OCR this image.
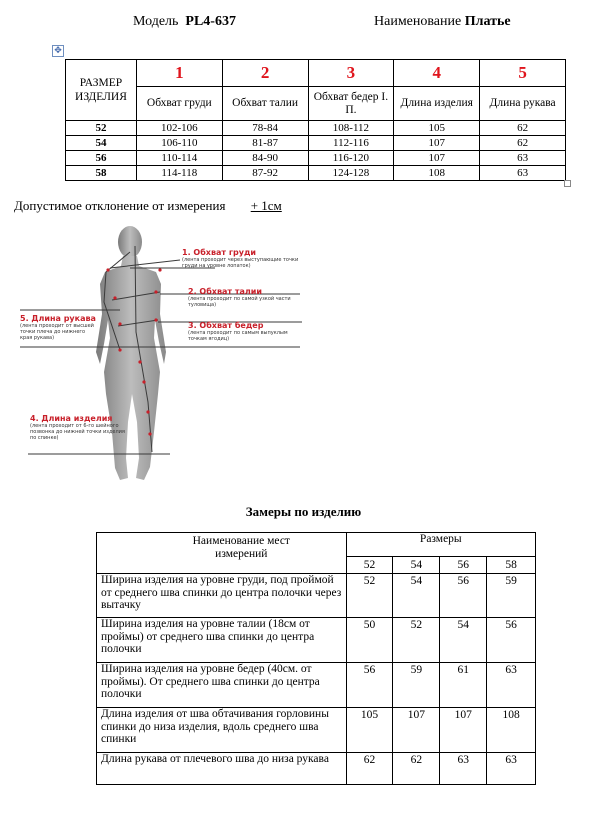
Модель PL4-637	Наименование Платье
✥
РАЗМЕР ИЗДЕЛИЯ	1	2	3	4	5
	Обхват груди	Обхват талии	Обхват бедер I. П.	Длина изделия	Длина рукава
52	102-106	78-84	108-112	105	62
54	106-110	81-87	112-116	107	62
56	110-114	84-90	116-120	107	63
58	114-118	87-92	124-128	108	63
Допустимое отклонение от измерения + 1см
1. Обхват груди
(лента проходит через выступающие точки груди на уровне лопаток)
2. Обхват талии
(лента проходит по самой узкой части туловища)
3. Обхват бедер
(лента проходит по самым выпуклым точкам ягодиц)
4. Длина изделия
(лента проходит от 6-го шейного позвонка до нижней точки изделия по спинке)
5. Длина рукава
(лента проходит от высшей точки плеча до нижнего края рукава)
Замеры по изделию
Наименование мест измерений	Размеры			
	52	54	56	58
Ширина изделия на уровне груди, под проймой от среднего шва спинки до центра полочки через вытачку	52	54	56	59
Ширина изделия на уровне талии (18см от проймы) от среднего шва спинки до центра полочки	50	52	54	56
Ширина изделия на уровне бедер (40см. от проймы). От среднего шва спинки до центра полочки	56	59	61	63
Длина изделия от шва обтачивания горловины спинки до низа изделия, вдоль среднего шва спинки	105	107	107	108
Длина рукава от плечевого шва до низа рукава	62	62	63	63
